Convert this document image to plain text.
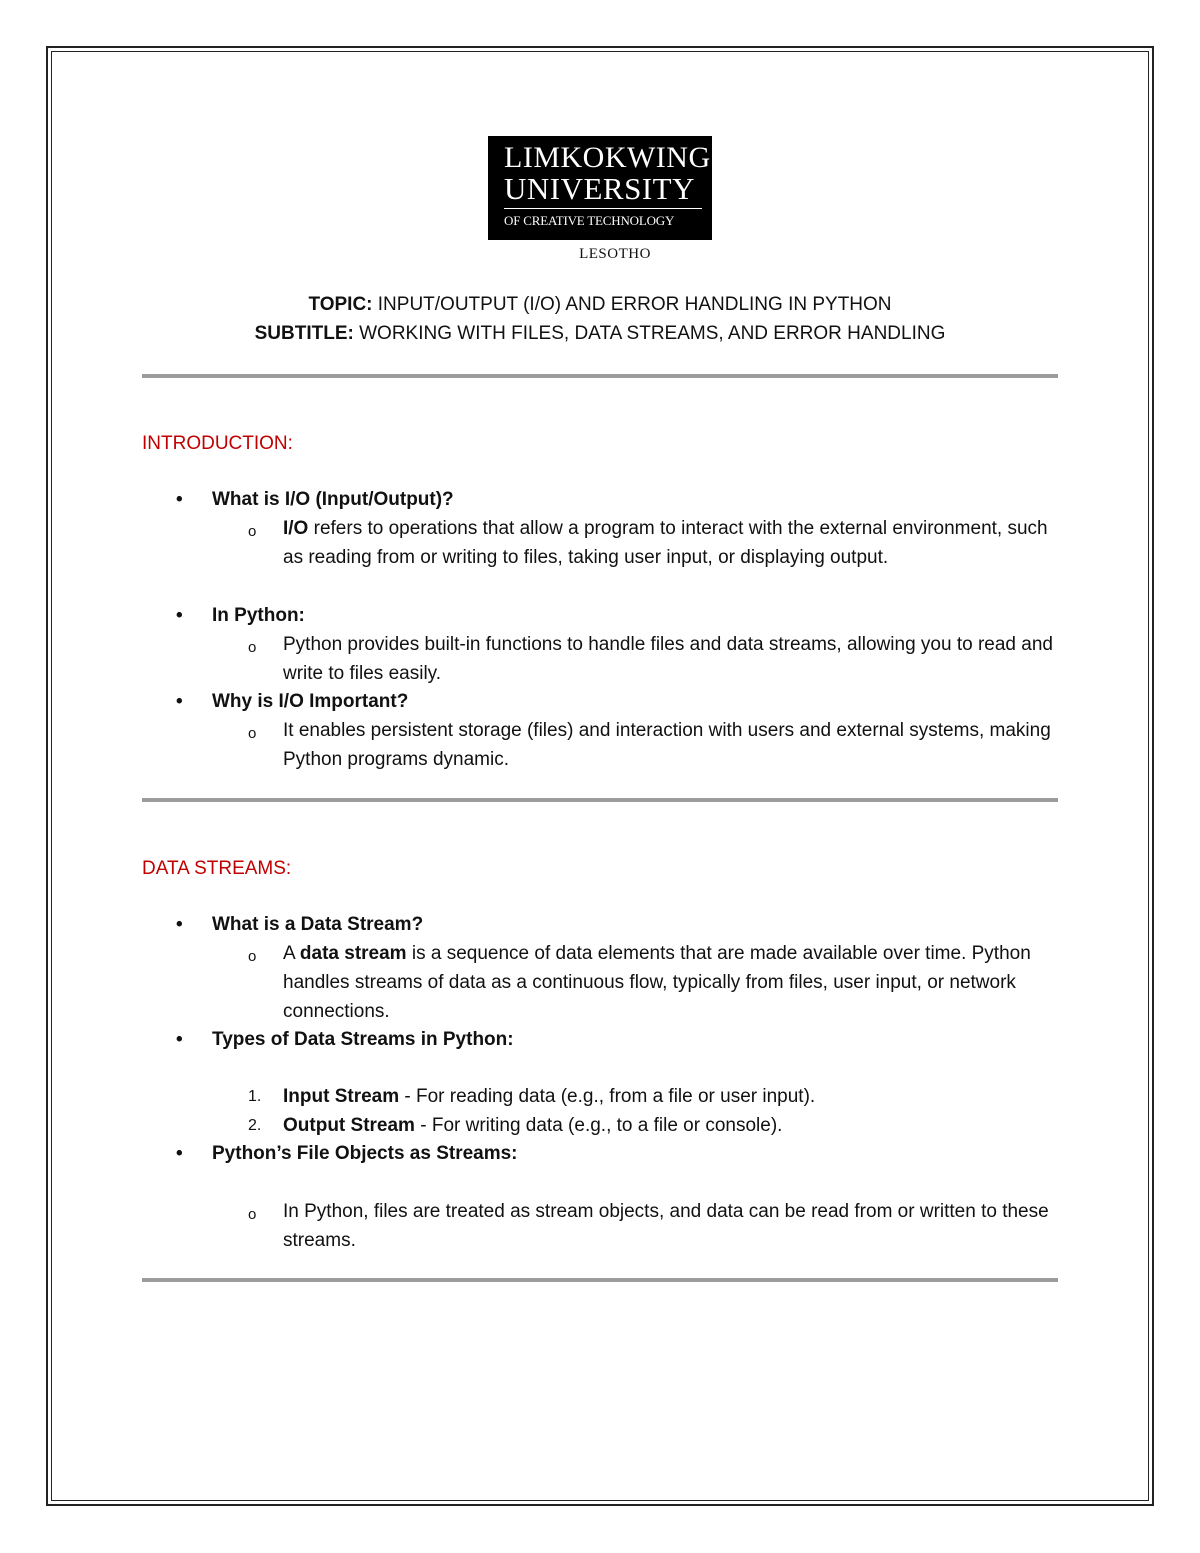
LIMKOKWING
UNIVERSITY
OF CREATIVE TECHNOLOGY
LESOTHO
TOPIC: INPUT/OUTPUT (I/O) AND ERROR HANDLING IN PYTHON
SUBTITLE: WORKING WITH FILES, DATA STREAMS, AND ERROR HANDLING
INTRODUCTION:
• What is I/O (Input/Output)?
o I/O refers to operations that allow a program to interact with the external environment, such as reading from or writing to files, taking user input, or displaying output.
• In Python:
o Python provides built-in functions to handle files and data streams, allowing you to read and write to files easily.
• Why is I/O Important?
o It enables persistent storage (files) and interaction with users and external systems, making Python programs dynamic.
DATA STREAMS:
• What is a Data Stream?
o A data stream is a sequence of data elements that are made available over time. Python handles streams of data as a continuous flow, typically from files, user input, or network connections.
• Types of Data Streams in Python:
1. Input Stream - For reading data (e.g., from a file or user input).
2. Output Stream - For writing data (e.g., to a file or console).
• Python’s File Objects as Streams:
o In Python, files are treated as stream objects, and data can be read from or written to these streams.
